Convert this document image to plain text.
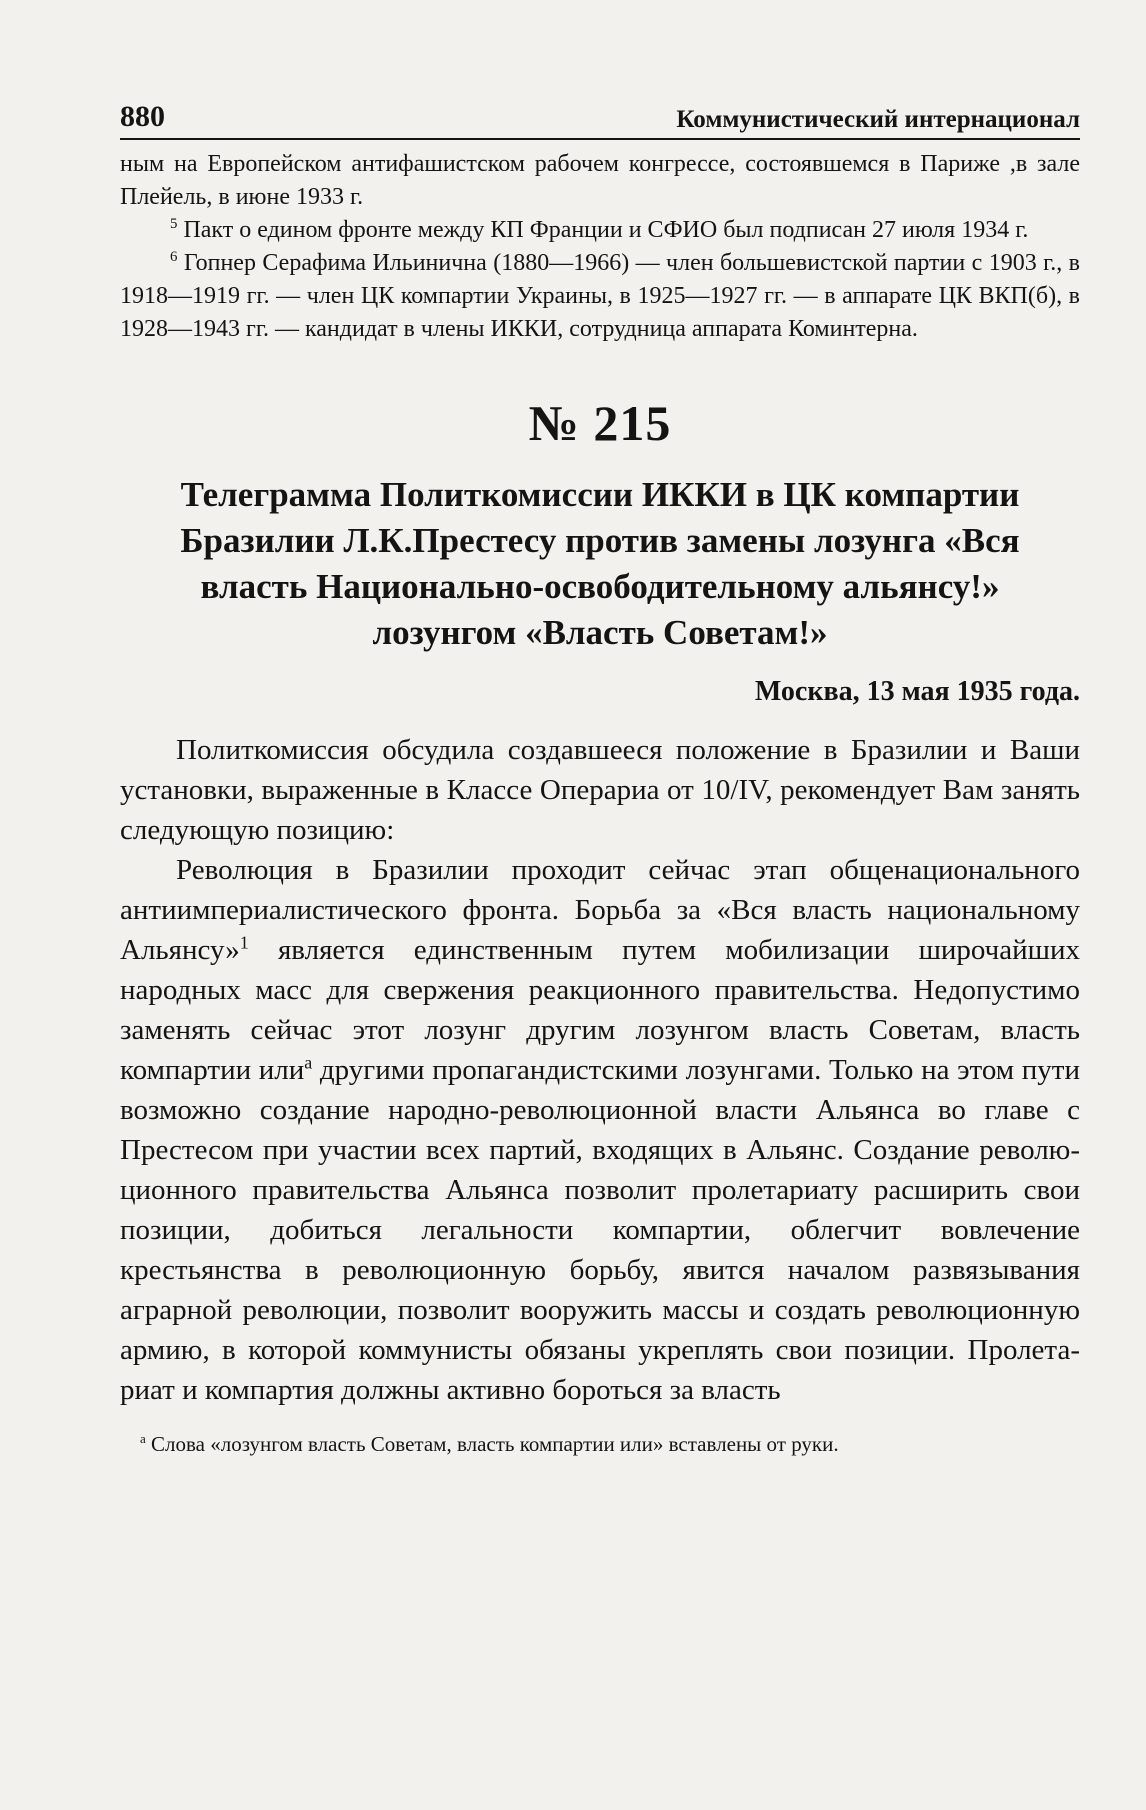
880	Коммунистический интернационал

ным на Европейском антифашистском рабочем конгрессе, состоявшемся в Париже ,в зале Плейель, в июне 1933 г.

$^5$ Пакт о едином фронте между КП Франции и СФИО был подписан 27 июля 1934 г.

$^6$ Гопнер Серафима Ильинична (1880—1966) — член большевистской партии с 1903 г., в 1918—1919 гг. — член ЦК компартии Украины, в 1925—1927 гг. — в аппарате ЦК ВКП(б), в 1928—1943 гг. — кандидат в члены ИККИ, сотрудница аппарата Коминтерна.

№ 215
Телеграмма Политкомиссии ИККИ в ЦК компартии Бразилии Л.К.Престесу против замены лозунга «Вся власть Национально-освободительному альянсу!» лозунгом «Власть Советам!»
Москва, 13 мая 1935 года.

Политкомиссия обсудила создавшееся положение в Бразилии и Ваши установки, выраженные в Классе Операриа от 10/IV, рекомендует Вам занять следующую позицию:

Революция в Бразилии проходит сейчас этап общенационального антиимпериалистического фронта. Борьба за «Вся власть национальному Альянсу»$^1$ является единственным путем мобилизации широчайших народных масс для свержения реакционного правительства. Недопустимо заменять сейчас этот лозунг другим лозунгом власть Советам, власть компартии или$^а$ другими пропагандистскими лозунгами. Только на этом пути возможно создание народно-революционной власти Альянса во главе с Престесом при участии всех партий, входящих в Альянс. Создание революционного правительства Альянса позволит пролетариату расширить свои позиции, добиться легальности компартии, облегчит вовлечение крестьянства в революционную борьбу, явится началом развязывания аграрной революции, позволит вооружить массы и создать революционную армию, в которой коммунисты обязаны укреплять свои позиции. Пролетариат и компартия должны активно бороться за власть

$^а$ Слова «лозунгом власть Советам, власть компартии или» вставлены от руки.
